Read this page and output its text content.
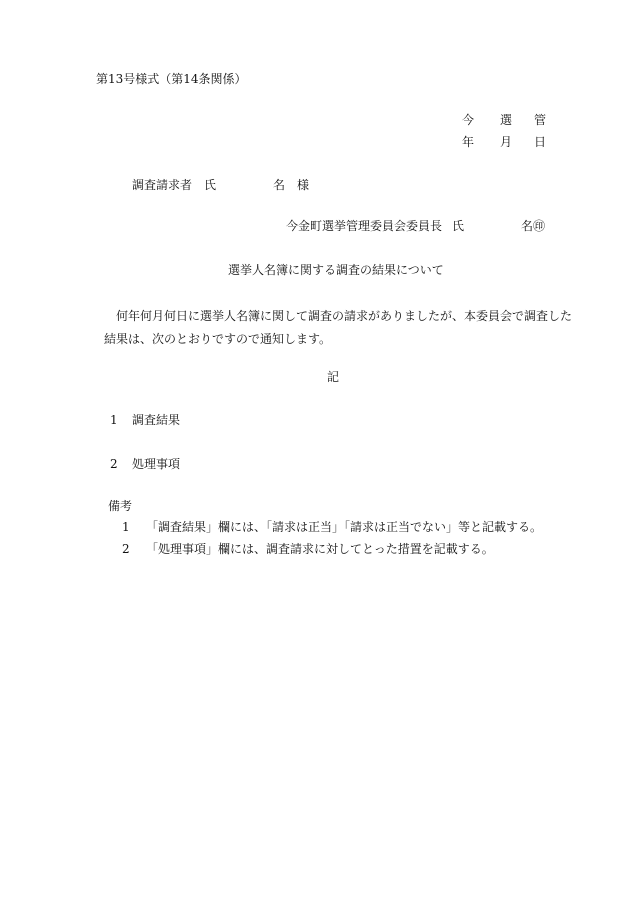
第13号様式（第14条関係）
今 選 管
年 月 日
調査請求者 氏	名 様
今金町選挙管理委員会委員長 氏	名㊞
選挙人名簿に関する調査の結果について
何年何月何日に選挙人名簿に関して調査の請求がありましたが、本委員会で調査した結果は、次のとおりですので通知します。
記
1 調査結果
2 処理事項
備考
1 「調査結果」欄には、「請求は正当」「請求は正当でない」等と記載する。
2 「処理事項」欄には、調査請求に対してとった措置を記載する。
